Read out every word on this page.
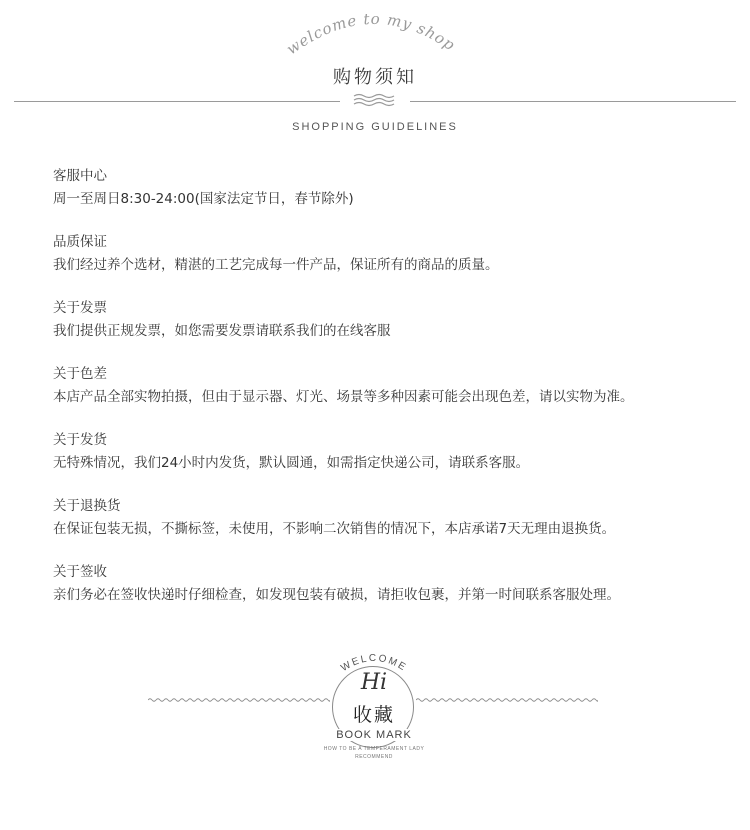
welcome to my shop
购物须知
SHOPPING GUIDELINES
客服中心
周一至周日8:30-24:00(国家法定节日，春节除外)
品质保证
我们经过养个选材，精湛的工艺完成每一件产品，保证所有的商品的质量。
关于发票
我们提供正规发票，如您需要发票请联系我们的在线客服
关于色差
本店产品全部实物拍摄，但由于显示器、灯光、场景等多种因素可能会出现色差，请以实物为准。
关于发货
无特殊情况，我们24小时内发货，默认圆通，如需指定快递公司，请联系客服。
关于退换货
在保证包装无损，不撕标签，未使用，不影响二次销售的情况下，本店承诺7天无理由退换货。
关于签收
亲们务必在签收快递时仔细检查，如发现包装有破损，请拒收包裹，并第一时间联系客服处理。
WELCOME
Hi
收藏
BOOK MARK
HOW TO BE A TEMPERAMENT LADY
RECOMMEND
